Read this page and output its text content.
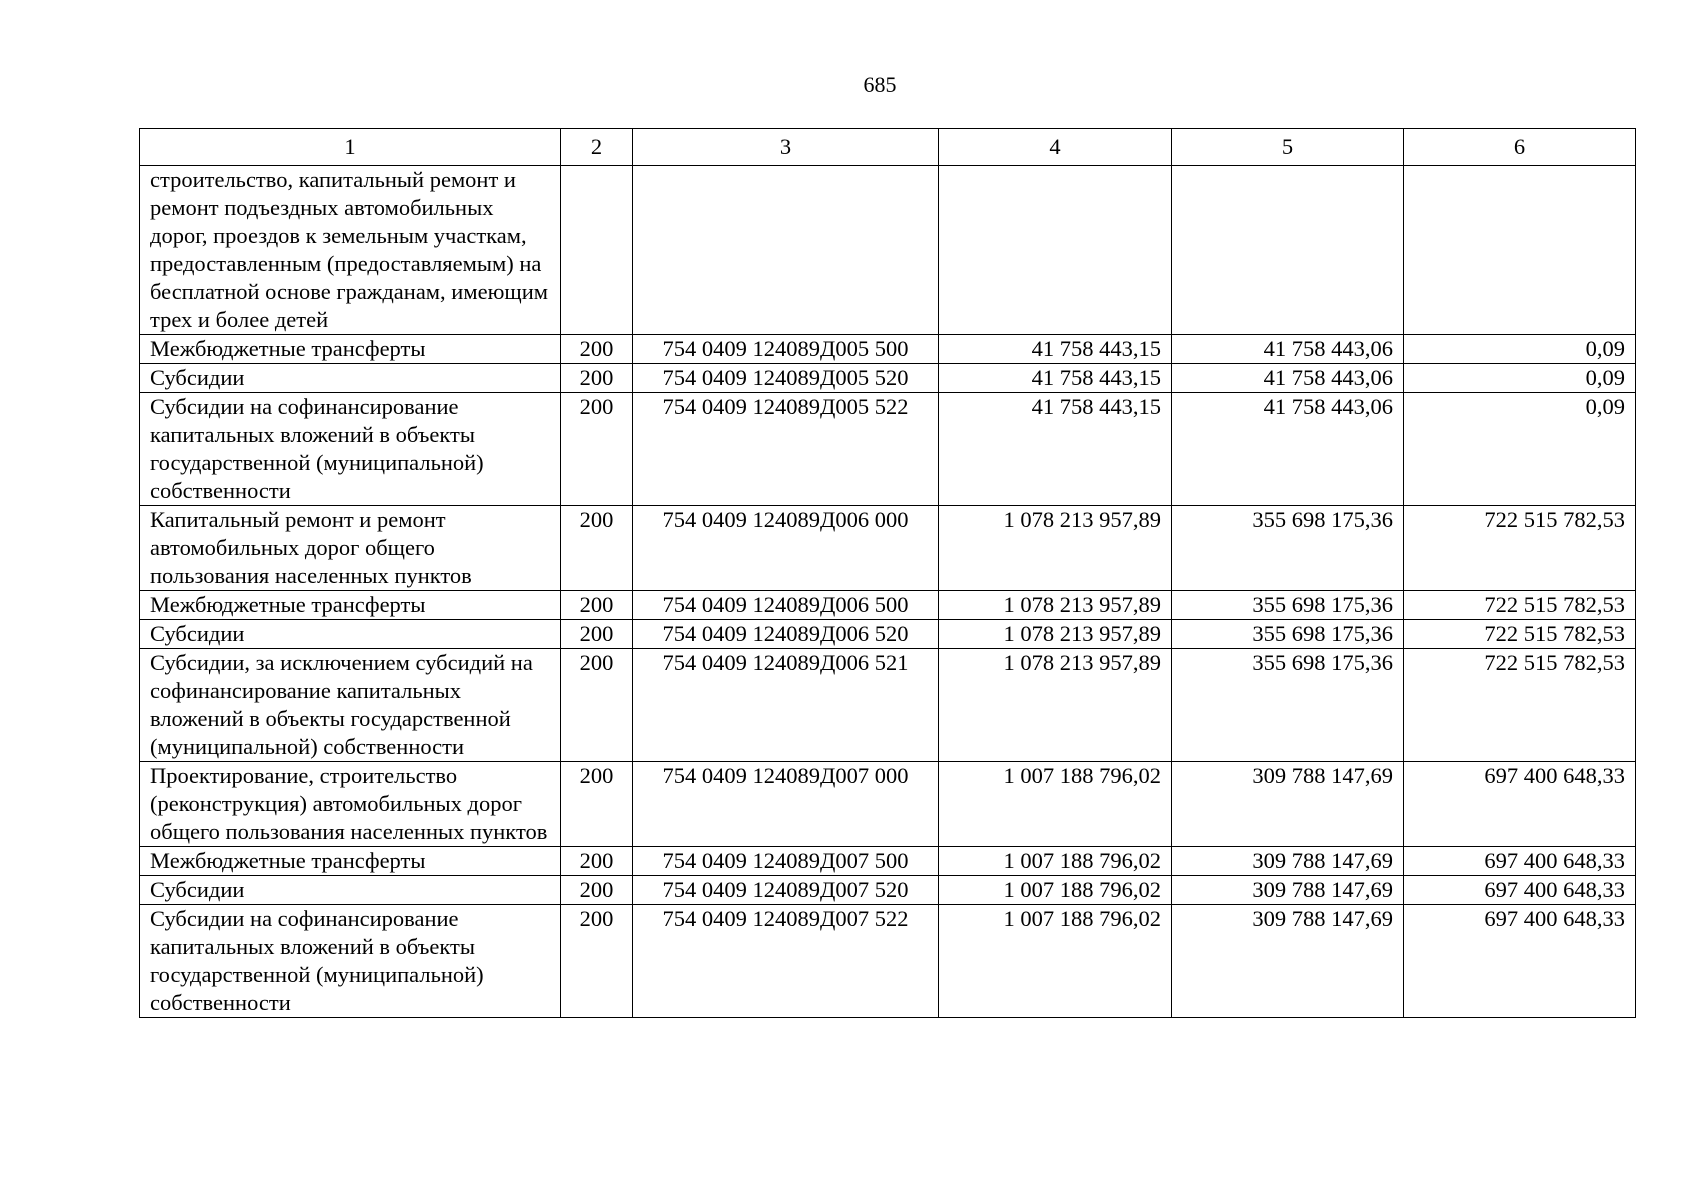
685
1	2	3	4	5	6
строительство, капитальный ремонт и ремонт подъездных автомобильных дорог, проездов к земельным участкам, предоставленным (предоставляемым) на бесплатной основе гражданам, имеющим трех и более детей					
Межбюджетные трансферты	200	754 0409 124089Д005 500	41 758 443,15	41 758 443,06	0,09
Субсидии	200	754 0409 124089Д005 520	41 758 443,15	41 758 443,06	0,09
Субсидии на софинансирование капитальных вложений в объекты государственной (муниципальной) собственности	200	754 0409 124089Д005 522	41 758 443,15	41 758 443,06	0,09
Капитальный ремонт и ремонт автомобильных дорог общего пользования населенных пунктов	200	754 0409 124089Д006 000	1 078 213 957,89	355 698 175,36	722 515 782,53
Межбюджетные трансферты	200	754 0409 124089Д006 500	1 078 213 957,89	355 698 175,36	722 515 782,53
Субсидии	200	754 0409 124089Д006 520	1 078 213 957,89	355 698 175,36	722 515 782,53
Субсидии, за исключением субсидий на софинансирование капитальных вложений в объекты государственной (муниципальной) собственности	200	754 0409 124089Д006 521	1 078 213 957,89	355 698 175,36	722 515 782,53
Проектирование, строительство (реконструкция) автомобильных дорог общего пользования населенных пунктов	200	754 0409 124089Д007 000	1 007 188 796,02	309 788 147,69	697 400 648,33
Межбюджетные трансферты	200	754 0409 124089Д007 500	1 007 188 796,02	309 788 147,69	697 400 648,33
Субсидии	200	754 0409 124089Д007 520	1 007 188 796,02	309 788 147,69	697 400 648,33
Субсидии на софинансирование капитальных вложений в объекты государственной (муниципальной) собственности	200	754 0409 124089Д007 522	1 007 188 796,02	309 788 147,69	697 400 648,33
